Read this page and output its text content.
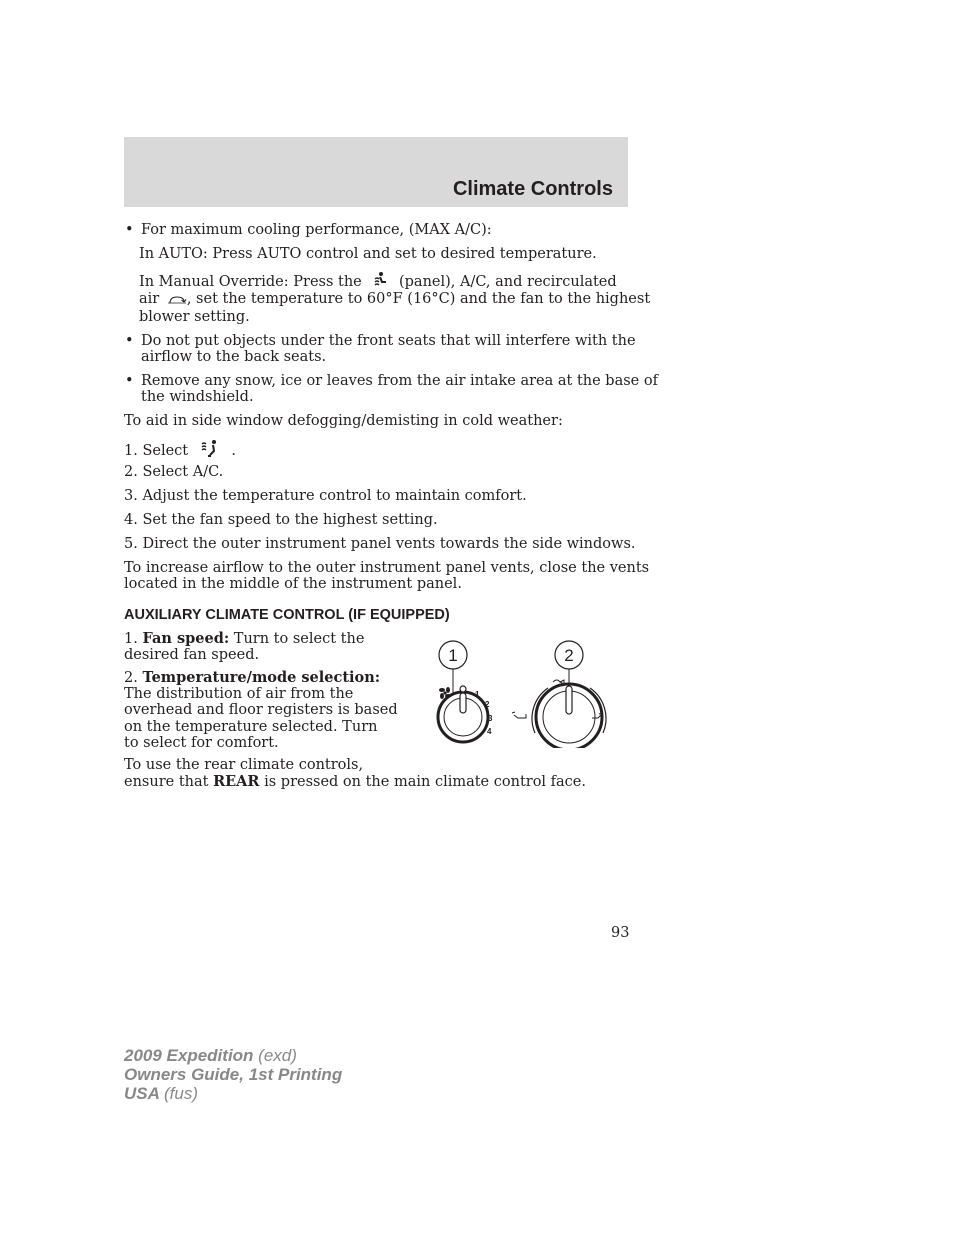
Climate Controls
• For maximum cooling performance, (MAX A/C):
In AUTO: Press AUTO control and set to desired temperature.
In Manual Override: Press the	(panel), A/C, and recirculated
air , set the temperature to 60°F (16°C) and the fan to the highest
blower setting.
• Do not put objects under the front seats that will interfere with the
airflow to the back seats.
• Remove any snow, ice or leaves from the air intake area at the base of
the windshield.
To aid in side window defogging/demisting in cold weather:
1. Select	.
2. Select A/C.
3. Adjust the temperature control to maintain comfort.
4. Set the fan speed to the highest setting.
5. Direct the outer instrument panel vents towards the side windows.
To increase airflow to the outer instrument panel vents, close the vents
located in the middle of the instrument panel.
AUXILIARY CLIMATE CONTROL (IF EQUIPPED)
1. Fan speed: Turn to select the
desired fan speed.
2. Temperature/mode selection:
The distribution of air from the
overhead and floor registers is based
on the temperature selected. Turn
to select for comfort.
To use the rear climate controls,
ensure that REAR is pressed on the main climate control face.
1	2
1
2
3
4
93
2009 Expedition (exd)
Owners Guide, 1st Printing
USA (fus)
